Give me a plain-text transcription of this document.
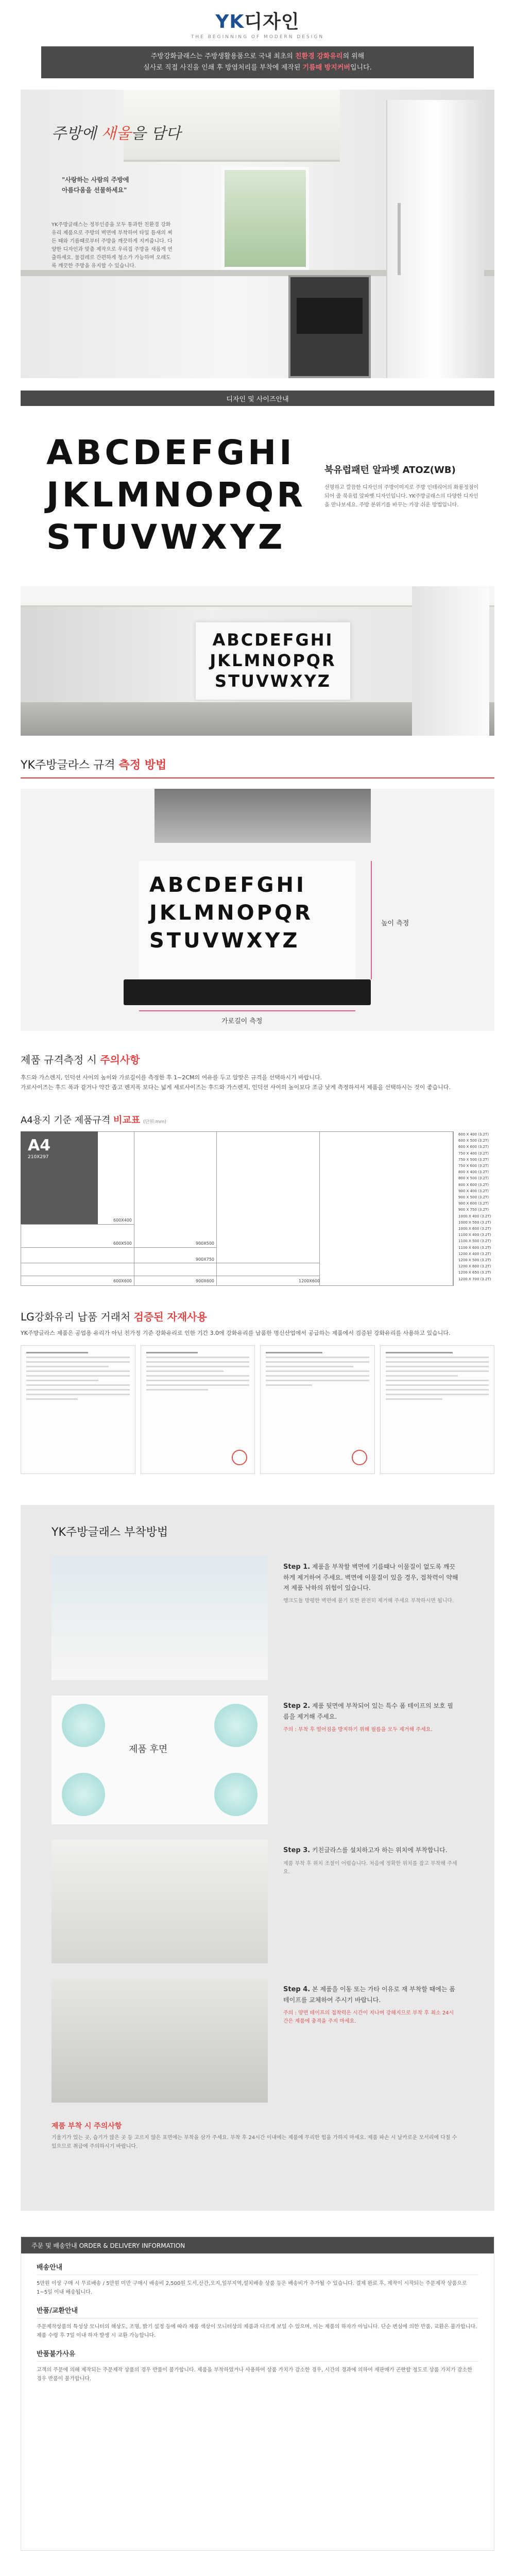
YK디자인
THE BEGINNING OF MODERN DESIGN
주방강화글래스는 주방생활용품으로 국내 최초의 친환경 강화유리의 위해
실사로 직접 사진을 인쇄 후 방염처리를 부착에 제작된 기름때 방지커버입니다.
주방에 새울을 담다
"사랑하는 사람의 주방에
아름다움을 선물하세요"
YK주방글래스는 정부인증을 모두 통과한 친환경 강화유리 제품으로 주방의 벽면에 부착하여 타일 틈새의 찌든 때와 기름때로부터 주방을 깨끗하게 지켜줍니다. 다양한 디자인과 맞춤 제작으로 우리집 주방을 새롭게 연출하세요. 물걸레로 간편하게 청소가 가능하며 오래도록 깨끗한 주방을 유지할 수 있습니다.
디자인 및 사이즈안내
ABCDEFGHI
JKLMNOPQR
STUVWXYZ
북유럽패턴 알파벳 ATOZ(WB)
선명하고 깔끔한 디자인의 주방이미지로 주방 인테리어의 화룡정점이 되어 줄 북유럽 알파벳 디자인입니다. YK주방글래스의 다양한 디자인을 만나보세요. 주방 분위기를 바꾸는 가장 쉬운 방법입니다.
ABCDEFGHI
JKLMNOPQR
STUVWXYZ
YK주방글라스 규격 측정 방법
ABCDEFGHI
JKLMNOPQR
STUVWXYZ
높이 측정
가로길이 측정
제품 규격측정 시 주의사항
후드와 가스렌지, 인덕션 사이의 높이와 가로길이를 측정한 후 1~2CM의 여유를 두고 알맞은 규격을 선택하시기 바랍니다.
가로사이즈는 후드 폭과 같거나 약간 좁고 렌지폭 보다는 넓게 세로사이즈는 후드와 가스렌지, 인덕션 사이의 높이보다 조금 낮게 측정하셔서 제품을 선택하시는 것이 좋습니다.
A4용지 기준 제품규격 비교표 (단위:mm)
A4
210X297
600X400
600X500
600X600
900X500
900X600
900X750
1200X600
600 X 400 (3.2T)
600 X 500 (3.2T)
600 X 600 (3.2T)
750 X 400 (3.2T)
750 X 500 (3.2T)
750 X 600 (3.2T)
800 X 400 (3.2T)
800 X 500 (3.2T)
800 X 600 (3.2T)
900 X 400 (3.2T)
900 X 500 (3.2T)
900 X 600 (3.2T)
900 X 750 (3.2T)
1000 X 400 (3.2T)
1000 X 500 (3.2T)
1000 X 600 (3.2T)
1100 X 400 (3.2T)
1100 X 500 (3.2T)
1100 X 600 (3.2T)
1200 X 400 (3.2T)
1200 X 500 (3.2T)
1200 X 600 (3.2T)
1200 X 650 (3.2T)
1200 X 700 (3.2T)
LG강화유리 납품 거래처 검증된 자재사용
YK주방글라스 제품은 공업용 유리가 아닌 친가정 기준 강화유리로 인한 기간 3.0에 강화유리를 납품한 명신산업에서 공급하는 제품에서 검증된 강화유리를 사용하고 있습니다.
YK주방글래스 부착방법
Step 1. 제품을 부착할 벽면에 기름때나 이물질이 없도록 깨끗하게 제거하여 주세요. 벽면에 이물질이 있을 경우, 접착력이 약해져 제품 낙하의 위험이 있습니다.
행크도듈 방평한 벽면에 붙기 또한 완전히 제거해 주세요 부착하시면 됩니다.
제품 후면
Step 2. 제품 뒷면에 부착되어 있는 특수 폼 테이프의 보호 필름을 제거해 주세요.
주의 : 부착 후 떨어짐을 방지하기 위해 필름을 모두 제거해 주세요.
Step 3. 키친글라스를 설치하고자 하는 위치에 부착합니다.
제품 부착 후 위치 조절이 어렵습니다. 처음에 정확한 위치를 잡고 부착해 주세요.
Step 4. 본 제품을 이동 또는 가타 이유로 재 부착할 때에는 폼 테이프를 교체하여 주시기 바랍니다.
주의 : 양면 테이프의 접착력은 시간이 지나며 강해지므로 부착 후 최소 24시간은 제품에 충격을 주지 마세요.
제품 부착 시 주의사항
기울기가 있는 곳, 습기가 많은 곳 등 고르지 않은 표면에는 부착을 삼가 주세요. 부착 후 24시간 이내에는 제품에 무리한 힘을 가하지 마세요. 제품 파손 시 날카로운 모서리에 다칠 수 있으므로 취급에 주의하시기 바랍니다.
주문 및 배송안내 ORDER & DELIVERY INFORMATION
배송안내
5만원 이상 구매 시 무료배송 / 5만원 미만 구매시 배송비 2,500원 도서,산간,오지,일부지역,설치배송 상품 등은 배송비가 추가될 수 있습니다. 결제 완료 후, 제작이 시작되는 주문제작 상품으로 1~5일 이내 배송됩니다.
반품/교환안내
주문제작상품의 특성상 모니터의 해상도, 조명, 밝기 설정 등에 따라 제품 색상이 모니터상의 제품과 다르게 보일 수 있으며, 이는 제품의 하자가 아닙니다. 단순 변심에 의한 반품, 교환은 불가합니다. 제품 수령 후 7일 이내 하자 발생 시 교환 가능합니다.
반품불가사유
고객의 주문에 의해 제작되는 주문제작 상품의 경우 반품이 불가합니다. 제품을 부착하였거나 사용하여 상품 가치가 감소한 경우, 시간의 경과에 의하여 재판매가 곤란할 정도로 상품 가치가 감소한 경우 반품이 불가합니다.
